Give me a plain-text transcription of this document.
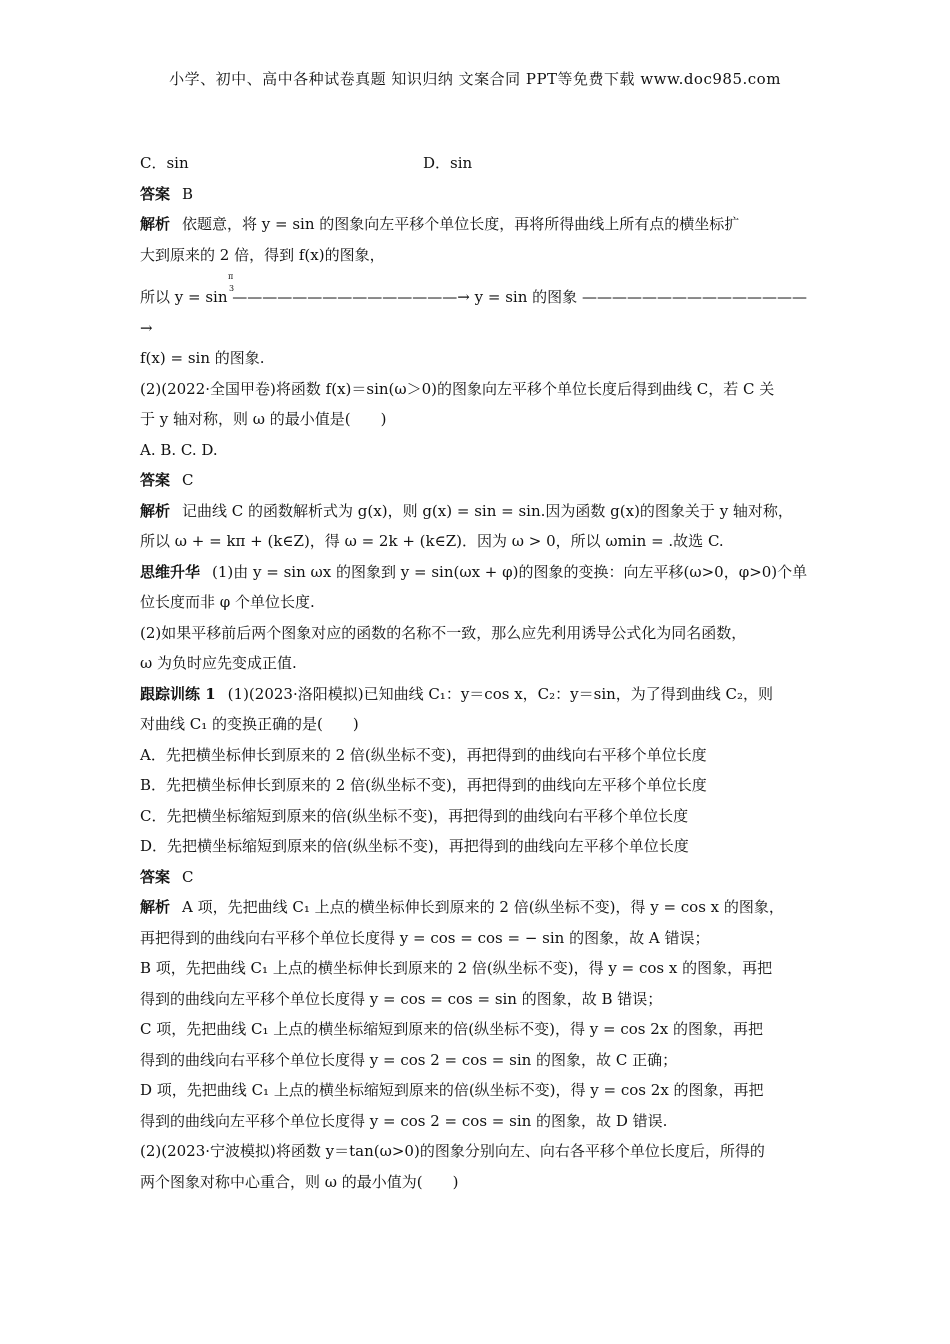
小学、初中、高中各种试卷真题 知识归纳 文案合同 PPT等免费下载 www.doc985.com
C．sin	D．sin
答案 B
解析 依题意，将 y = sin 的图象向左平移个单位长度，再将所得曲线上所有点的横坐标扩
大到原来的 2 倍，得到 f(x)的图象，
所以 y = sin
π
3
———————————————→ y = sin 的图象 ———————————————
→
f(x) = sin 的图象.
(2)(2022·全国甲卷)将函数 f(x)＝sin(ω＞0)的图象向左平移个单位长度后得到曲线 C，若 C 关
于 y 轴对称，则 ω 的最小值是(　　)
A. B. C. D.
答案 C
解析 记曲线 C 的函数解析式为 g(x)，则 g(x) = sin = sin.因为函数 g(x)的图象关于 y 轴对称，
所以 ω + = kπ + (k∈Z)，得 ω = 2k + (k∈Z)．因为 ω > 0，所以 ωmin = .故选 C.
思维升华 (1)由 y = sin ωx 的图象到 y = sin(ωx + φ)的图象的变换：向左平移(ω>0，φ>0)个单
位长度而非 φ 个单位长度.
(2)如果平移前后两个图象对应的函数的名称不一致，那么应先利用诱导公式化为同名函数，
ω 为负时应先变成正值.
跟踪训练 1 (1)(2023·洛阳模拟)已知曲线 C₁：y＝cos x，C₂：y＝sin，为了得到曲线 C₂，则
对曲线 C₁ 的变换正确的是(　　)
A．先把横坐标伸长到原来的 2 倍(纵坐标不变)，再把得到的曲线向右平移个单位长度
B．先把横坐标伸长到原来的 2 倍(纵坐标不变)，再把得到的曲线向左平移个单位长度
C．先把横坐标缩短到原来的倍(纵坐标不变)，再把得到的曲线向右平移个单位长度
D．先把横坐标缩短到原来的倍(纵坐标不变)，再把得到的曲线向左平移个单位长度
答案 C
解析 A 项，先把曲线 C₁ 上点的横坐标伸长到原来的 2 倍(纵坐标不变)，得 y = cos x 的图象，
再把得到的曲线向右平移个单位长度得 y = cos = cos = − sin 的图象，故 A 错误；
B 项，先把曲线 C₁ 上点的横坐标伸长到原来的 2 倍(纵坐标不变)，得 y = cos x 的图象，再把
得到的曲线向左平移个单位长度得 y = cos = cos = sin 的图象，故 B 错误；
C 项，先把曲线 C₁ 上点的横坐标缩短到原来的倍(纵坐标不变)，得 y = cos 2x 的图象，再把
得到的曲线向右平移个单位长度得 y = cos 2 = cos = sin 的图象，故 C 正确；
D 项，先把曲线 C₁ 上点的横坐标缩短到原来的倍(纵坐标不变)，得 y = cos 2x 的图象，再把
得到的曲线向左平移个单位长度得 y = cos 2 = cos = sin 的图象，故 D 错误.
(2)(2023·宁波模拟)将函数 y＝tan(ω>0)的图象分别向左、向右各平移个单位长度后，所得的
两个图象对称中心重合，则 ω 的最小值为(　　)
